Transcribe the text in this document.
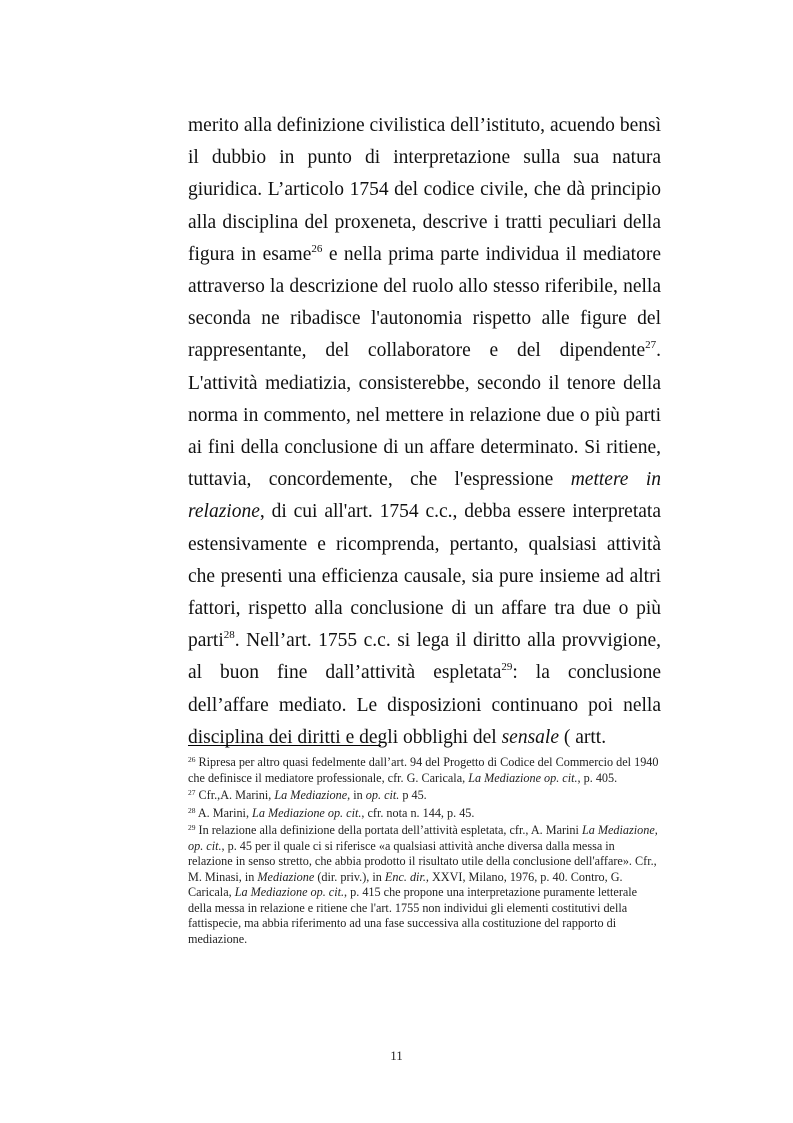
merito alla definizione civilistica dell’istituto, acuendo bensì il dubbio in punto di interpretazione sulla sua natura giuridica. L’articolo 1754 del codice civile, che dà principio alla disciplina del proxeneta, descrive i tratti peculiari della figura in esame$^{26}$ e nella prima parte individua il mediatore attraverso la descrizione del ruolo allo stesso riferibile, nella seconda ne ribadisce l'autonomia rispetto alle figure del rappresentante, del collaboratore e del dipendente$^{27}$. L'attività mediatizia, consisterebbe, secondo il tenore della norma in commento, nel mettere in relazione due o più parti ai fini della conclusione di un affare determinato. Si ritiene, tuttavia, concordemente, che l'espressione mettere in relazione, di cui all'art. 1754 c.c., debba essere interpretata estensivamente e ricomprenda, pertanto, qualsiasi attività che presenti una efficienza causale, sia pure insieme ad altri fattori, rispetto alla conclusione di un affare tra due o più parti$^{28}$. Nell’art. 1755 c.c. si lega il diritto alla provvigione, al buon fine dall’attività espletata$^{29}$: la conclusione dell’affare mediato. Le disposizioni continuano poi nella disciplina dei diritti e degli obblighi del sensale ( artt.

$^{26}$ Ripresa per altro quasi fedelmente dall’art. 94 del Progetto di Codice del Commercio del 1940 che definisce il mediatore professionale, cfr. G. Caricala, La Mediazione op. cit., p. 405.

$^{27}$ Cfr.,A. Marini, La Mediazione, in op. cit. p 45.

$^{28}$ A. Marini, La Mediazione op. cit., cfr. nota n. 144, p. 45.

$^{29}$ In relazione alla definizione della portata dell’attività espletata, cfr., A. Marini La Mediazione, op. cit., p. 45 per il quale ci si riferisce «a qualsiasi attività anche diversa dalla messa in relazione in senso stretto, che abbia prodotto il risultato utile della conclusione dell'affare». Cfr., M. Minasi, in Mediazione (dir. priv.), in Enc. dir., XXVI, Milano, 1976, p. 40. Contro, G. Caricala, La Mediazione op. cit., p. 415 che propone una interpretazione puramente letterale della messa in relazione e ritiene che l'art. 1755 non individui gli elementi costitutivi della fattispecie, ma abbia riferimento ad una fase successiva alla costituzione del rapporto di mediazione.

11
